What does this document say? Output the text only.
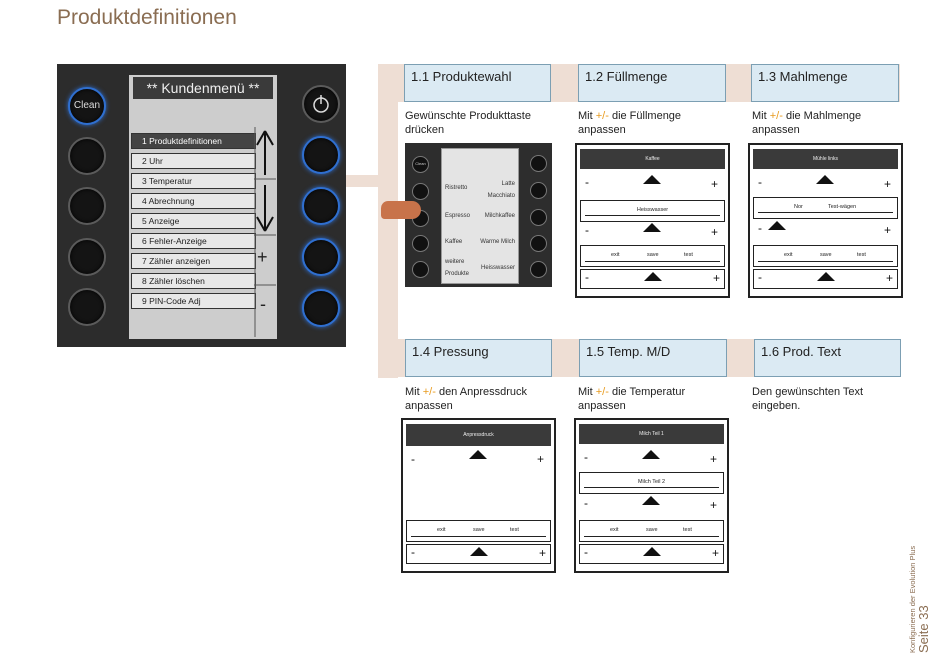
Produktdefinitionen
Clean
** Kundenmenü **
1 Produktdefinitionen
2 Uhr
3 Temperatur
4 Abrechnung
5 Anzeige
6 Fehler-Anzeige
7 Zähler anzeigen
8 Zähler löschen
9 PIN-Code Adj
+
-
1.1 Produktewahl	1.2 Füllmenge	1.3 Mahlmenge
1.4 Pressung	1.5 Temp. M/D	1.6 Prod. Text
Gewünschte Produkttaste drücken
Mit +/- die Füllmenge anpassen
Mit +/- die Mahlmenge anpassen
Mit +/- den Anpressdruck anpassen
Mit +/- die Temperatur anpassen
Den gewünschten Text eingeben.
Clean
Ristretto
Espresso
Kaffee
weitere
Produkte
Latte
Macchiato
Milchkaffee
Warme Milch
Heisswasser
Kaffee
-	+
Heisswasser
-	+
exit	save	test
-	+
Mühle links
-	+
Nor	Test-wägen
-	+
exit	save	test
-	+
Anpressdruck
-	+
exit	save	test
-	+
Milch Teil 1
-	+
Milch Teil 2
-	+
exit	save	test
-	+
Seite 33
Konfigurieren der Evolution Plus
